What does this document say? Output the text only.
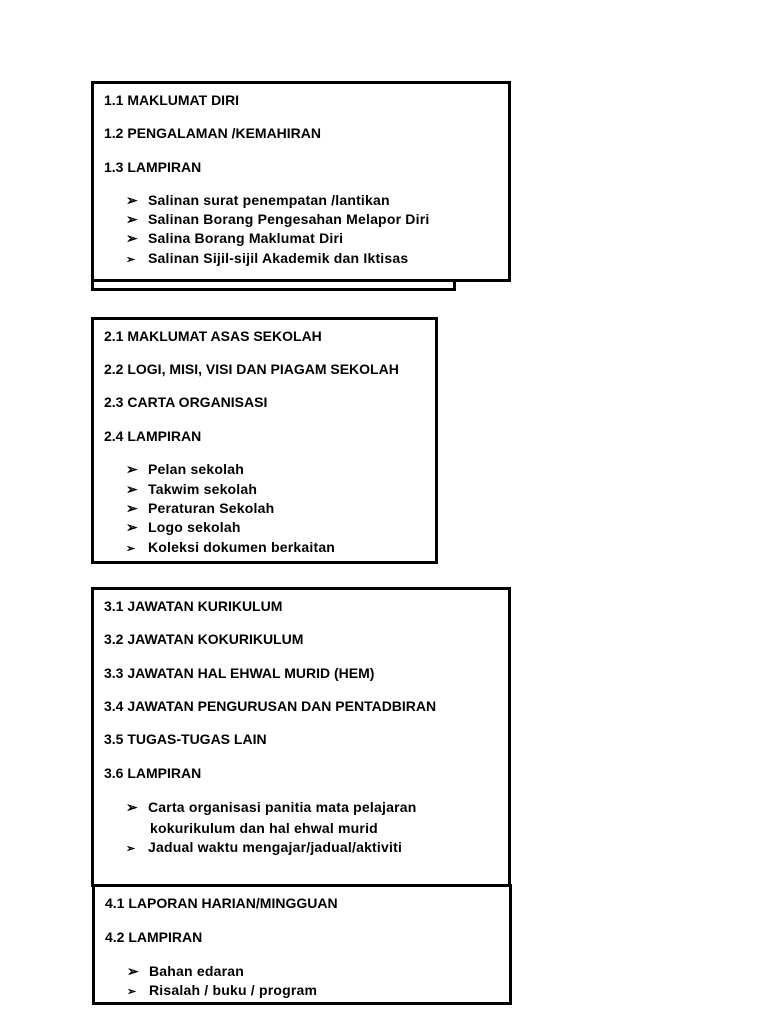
1.1 MAKLUMAT DIRI
1.2 PENGALAMAN /KEMAHIRAN
1.3 LAMPIRAN
➢ Salinan surat penempatan /lantikan
➢ Salinan Borang Pengesahan Melapor Diri
➢ Salina Borang Maklumat Diri
➢ Salinan Sijil-sijil Akademik dan Iktisas
2.1 MAKLUMAT ASAS SEKOLAH
2.2 LOGI, MISI, VISI DAN PIAGAM SEKOLAH
2.3 CARTA ORGANISASI
2.4 LAMPIRAN
➢ Pelan sekolah
➢ Takwim sekolah
➢ Peraturan Sekolah
➢ Logo sekolah
➢ Koleksi dokumen berkaitan
3.1 JAWATAN KURIKULUM
3.2 JAWATAN KOKURIKULUM
3.3 JAWATAN HAL EHWAL MURID (HEM)
3.4 JAWATAN PENGURUSAN DAN PENTADBIRAN
3.5 TUGAS-TUGAS LAIN
3.6 LAMPIRAN
➢ Carta organisasi panitia mata pelajaran
kokurikulum dan hal ehwal murid
➢ Jadual waktu mengajar/jadual/aktiviti
4.1 LAPORAN HARIAN/MINGGUAN
4.2 LAMPIRAN
➢ Bahan edaran
➢ Risalah / buku / program
